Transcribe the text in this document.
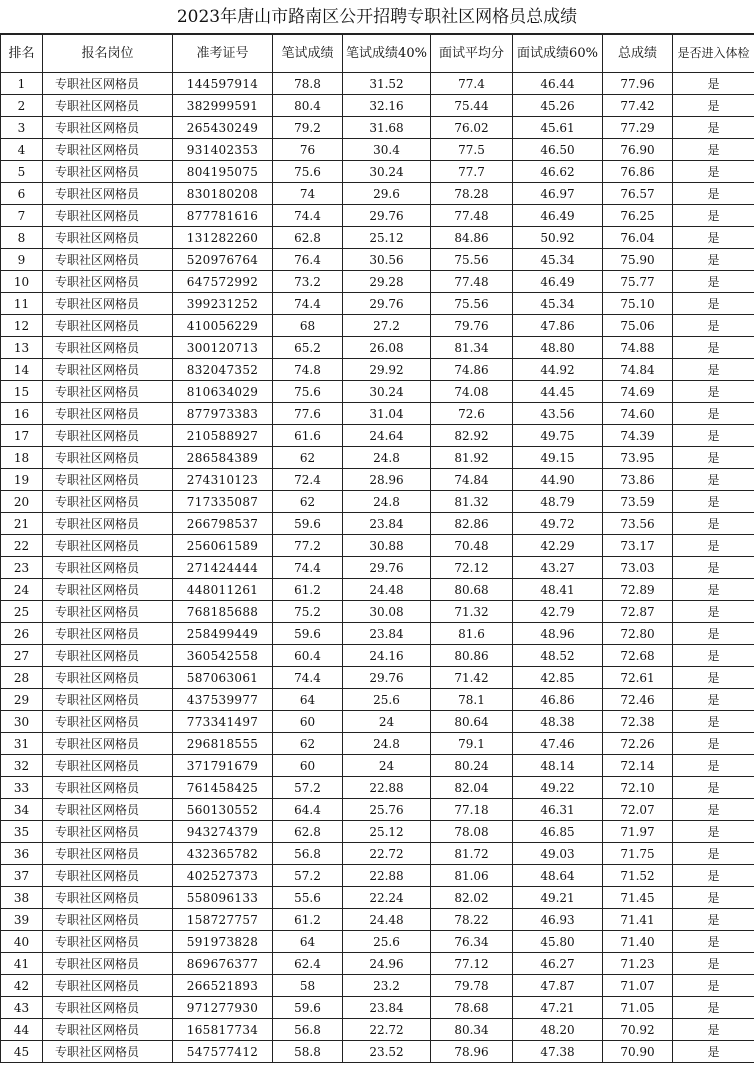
2023年唐山市路南区公开招聘专职社区网格员总成绩
排名	报名岗位	准考证号	笔试成绩	笔试成绩40%	面试平均分	面试成绩60%	总成绩	是否进入体检
1	专职社区网格员	144597914	78.8	31.52	77.4	46.44	77.96	是
2	专职社区网格员	382999591	80.4	32.16	75.44	45.26	77.42	是
3	专职社区网格员	265430249	79.2	31.68	76.02	45.61	77.29	是
4	专职社区网格员	931402353	76	30.4	77.5	46.50	76.90	是
5	专职社区网格员	804195075	75.6	30.24	77.7	46.62	76.86	是
6	专职社区网格员	830180208	74	29.6	78.28	46.97	76.57	是
7	专职社区网格员	877781616	74.4	29.76	77.48	46.49	76.25	是
8	专职社区网格员	131282260	62.8	25.12	84.86	50.92	76.04	是
9	专职社区网格员	520976764	76.4	30.56	75.56	45.34	75.90	是
10	专职社区网格员	647572992	73.2	29.28	77.48	46.49	75.77	是
11	专职社区网格员	399231252	74.4	29.76	75.56	45.34	75.10	是
12	专职社区网格员	410056229	68	27.2	79.76	47.86	75.06	是
13	专职社区网格员	300120713	65.2	26.08	81.34	48.80	74.88	是
14	专职社区网格员	832047352	74.8	29.92	74.86	44.92	74.84	是
15	专职社区网格员	810634029	75.6	30.24	74.08	44.45	74.69	是
16	专职社区网格员	877973383	77.6	31.04	72.6	43.56	74.60	是
17	专职社区网格员	210588927	61.6	24.64	82.92	49.75	74.39	是
18	专职社区网格员	286584389	62	24.8	81.92	49.15	73.95	是
19	专职社区网格员	274310123	72.4	28.96	74.84	44.90	73.86	是
20	专职社区网格员	717335087	62	24.8	81.32	48.79	73.59	是
21	专职社区网格员	266798537	59.6	23.84	82.86	49.72	73.56	是
22	专职社区网格员	256061589	77.2	30.88	70.48	42.29	73.17	是
23	专职社区网格员	271424444	74.4	29.76	72.12	43.27	73.03	是
24	专职社区网格员	448011261	61.2	24.48	80.68	48.41	72.89	是
25	专职社区网格员	768185688	75.2	30.08	71.32	42.79	72.87	是
26	专职社区网格员	258499449	59.6	23.84	81.6	48.96	72.80	是
27	专职社区网格员	360542558	60.4	24.16	80.86	48.52	72.68	是
28	专职社区网格员	587063061	74.4	29.76	71.42	42.85	72.61	是
29	专职社区网格员	437539977	64	25.6	78.1	46.86	72.46	是
30	专职社区网格员	773341497	60	24	80.64	48.38	72.38	是
31	专职社区网格员	296818555	62	24.8	79.1	47.46	72.26	是
32	专职社区网格员	371791679	60	24	80.24	48.14	72.14	是
33	专职社区网格员	761458425	57.2	22.88	82.04	49.22	72.10	是
34	专职社区网格员	560130552	64.4	25.76	77.18	46.31	72.07	是
35	专职社区网格员	943274379	62.8	25.12	78.08	46.85	71.97	是
36	专职社区网格员	432365782	56.8	22.72	81.72	49.03	71.75	是
37	专职社区网格员	402527373	57.2	22.88	81.06	48.64	71.52	是
38	专职社区网格员	558096133	55.6	22.24	82.02	49.21	71.45	是
39	专职社区网格员	158727757	61.2	24.48	78.22	46.93	71.41	是
40	专职社区网格员	591973828	64	25.6	76.34	45.80	71.40	是
41	专职社区网格员	869676377	62.4	24.96	77.12	46.27	71.23	是
42	专职社区网格员	266521893	58	23.2	79.78	47.87	71.07	是
43	专职社区网格员	971277930	59.6	23.84	78.68	47.21	71.05	是
44	专职社区网格员	165817734	56.8	22.72	80.34	48.20	70.92	是
45	专职社区网格员	547577412	58.8	23.52	78.96	47.38	70.90	是
